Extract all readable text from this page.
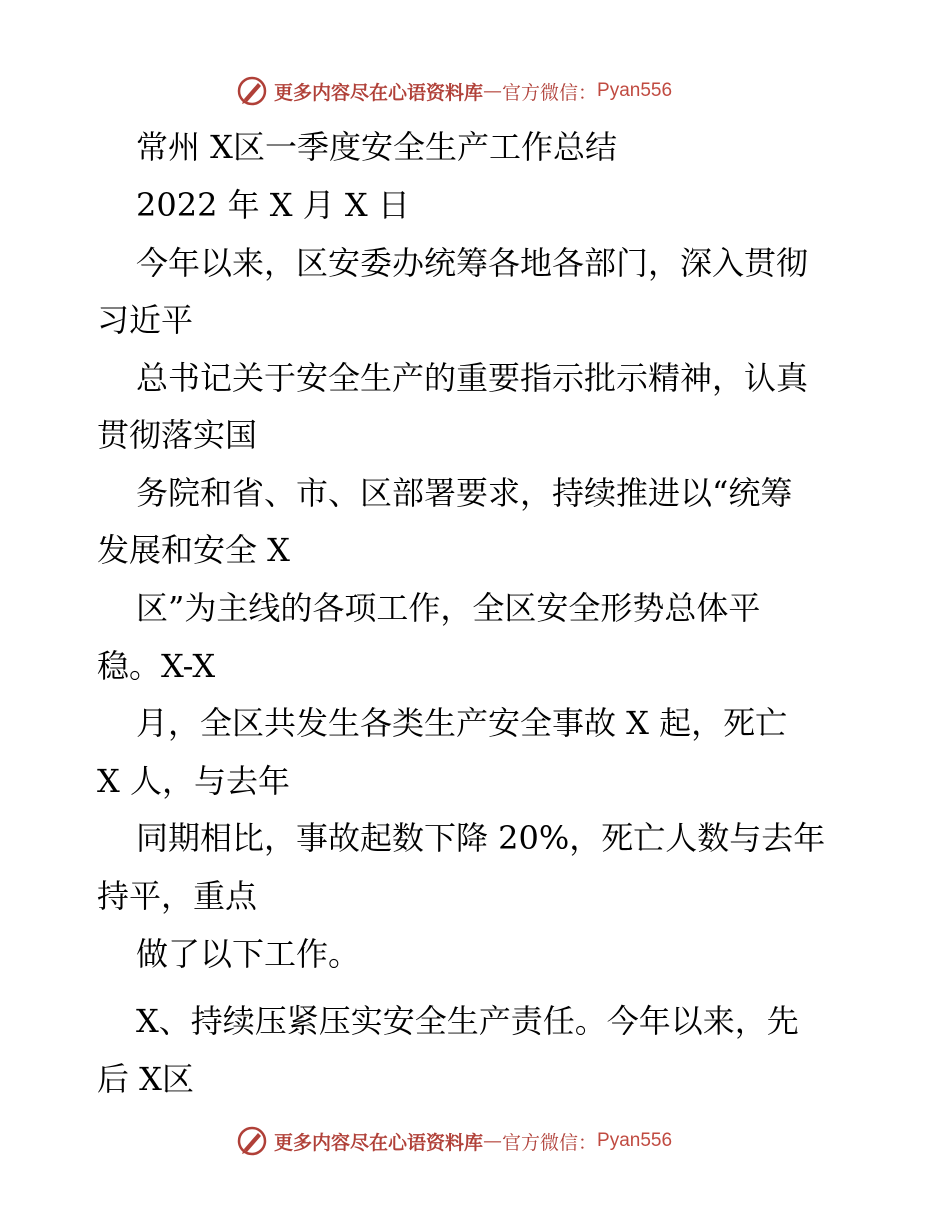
更多内容尽在心语资料库 — 官方微信： Pyan556
常州 X区一季度安全生产工作总结
2022 年 X 月 X 日
今年以来，区安委办统筹各地各部门，深入贯彻
习近平
总书记关于安全生产的重要指示批示精神，认真
贯彻落实国
务院和省、市、区部署要求，持续推进以“统筹
发展和安全 X
区”为主线的各项工作，全区安全形势总体平
稳。X-X
月，全区共发生各类生产安全事故 X 起，死亡
X 人，与去年
同期相比，事故起数下降 20%，死亡人数与去年
持平，重点
做了以下工作。
X、持续压紧压实安全生产责任。今年以来，先
后 X区
更多内容尽在心语资料库 — 官方微信： Pyan556
